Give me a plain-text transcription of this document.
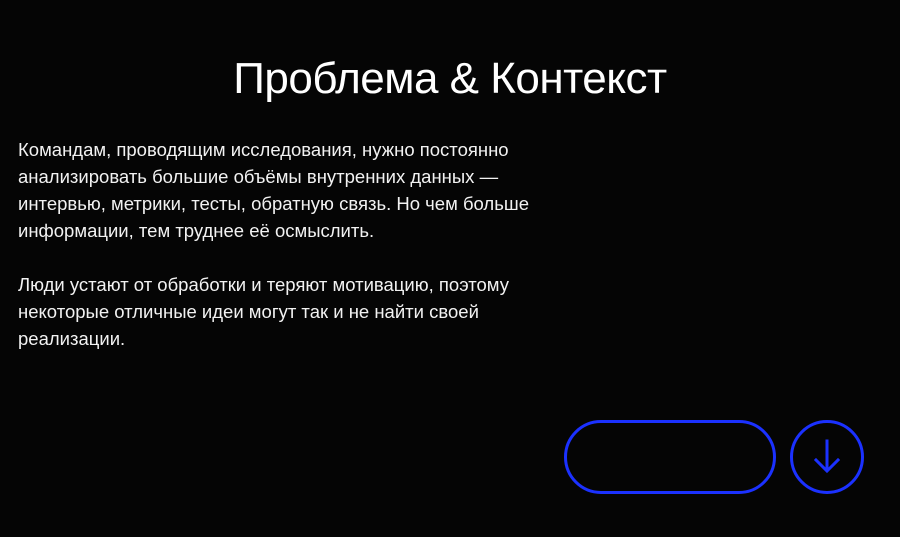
Проблема & Контекст

Командам, проводящим исследования, нужно постоянно анализировать большие объёмы внутренних данных — интервью, метрики, тесты, обратную связь. Но чем больше информации, тем труднее её осмыслить.

Люди устают от обработки и теряют мотивацию, поэтому некоторые отличные идеи могут так и не найти своей реализации.
